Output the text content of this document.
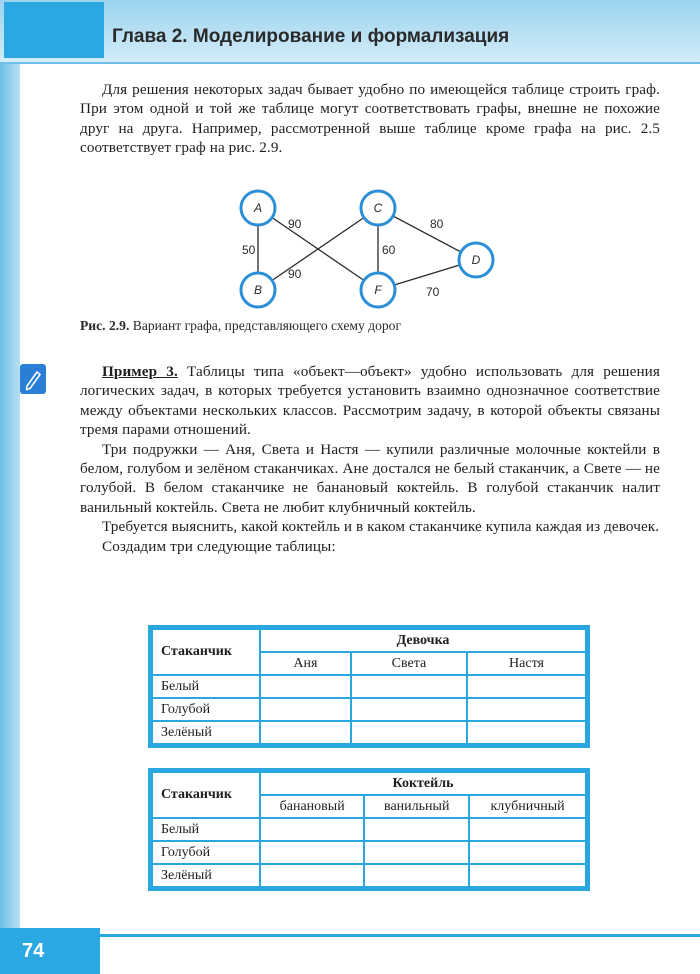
Глава 2. Моделирование и формализация

Для решения некоторых задач бывает удобно по имеющейся таблице строить граф. При этом одной и той же таблице могут соответствовать графы, внешне не похожие друг на друга. Например, рассмотренной выше таблице кроме графа на рис. 2.5 соответствует граф на рис. 2.9.

50
90
90
60
80
70
A
B
C
F
D

Рис. 2.9. Вариант графа, представляющего схему дорог

Пример 3. Таблицы типа «объект—объект» удобно использовать для решения логических задач, в которых требуется установить взаимно однозначное соответствие между объектами нескольких классов. Рассмотрим задачу, в которой объекты связаны тремя парами отношений.

Три подружки — Аня, Света и Настя — купили различные молочные коктейли в белом, голубом и зелёном стаканчиках. Ане достался не белый стаканчик, а Свете — не голубой. В белом стаканчике не банановый коктейль. В голубой стаканчик налит ванильный коктейль. Света не любит клубничный коктейль.

Требуется выяснить, какой коктейль и в каком стаканчике купила каждая из девочек.

Создадим три следующие таблицы:

Стаканчик	Девочка		
	Аня	Света	Настя
Белый			
Голубой			
Зелёный			
Стаканчик	Коктейль		
	банановый	ванильный	клубничный
Белый			
Голубой			
Зелёный			

74
